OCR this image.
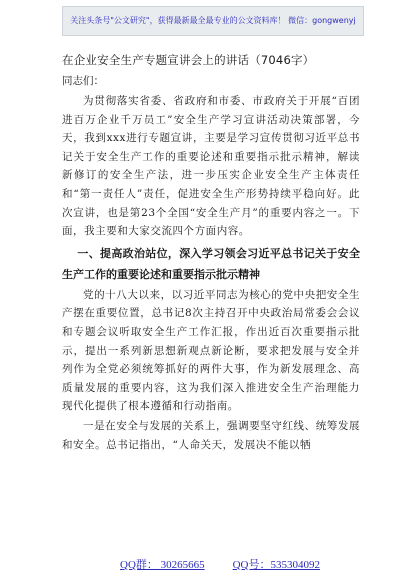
关注头条号"公文研究"，获得最新最全最专业的公文资料库！ 微信：gongwenyj
在企业安全生产专题宣讲会上的讲话（7046字）
同志们：

为贯彻落实省委、省政府和市委、市政府关于开展“百团进百万企业千万员工”安全生产学习宣讲活动决策部署，今天，我到xxx进行专题宣讲，主要是学习宣传贯彻习近平总书记关于安全生产工作的重要论述和重要指示批示精神，解读新修订的安全生产法，进一步压实企业安全生产主体责任和“第一责任人”责任，促进安全生产形势持续平稳向好。此次宣讲，也是第23个全国“安全生产月”的重要内容之一。下面，我主要和大家交流四个方面内容。

一、提高政治站位，深入学习领会习近平总书记关于安全生产工作的重要论述和重要指示批示精神

党的十八大以来，以习近平同志为核心的党中央把安全生产摆在重要位置，总书记8次主持召开中央政治局常委会会议和专题会议听取安全生产工作汇报，作出近百次重要指示批示，提出一系列新思想新观点新论断，要求把发展与安全并列作为全党必须统筹抓好的两件大事，作为新发展理念、高质量发展的重要内容，这为我们深入推进安全生产治理能力现代化提供了根本遵循和行动指南。

一是在安全与发展的关系上，强调要坚守红线、统筹发展和安全。总书记指出，“人命关天，发展决不能以牺

QQ群： 30265665	QQ号：535304092
